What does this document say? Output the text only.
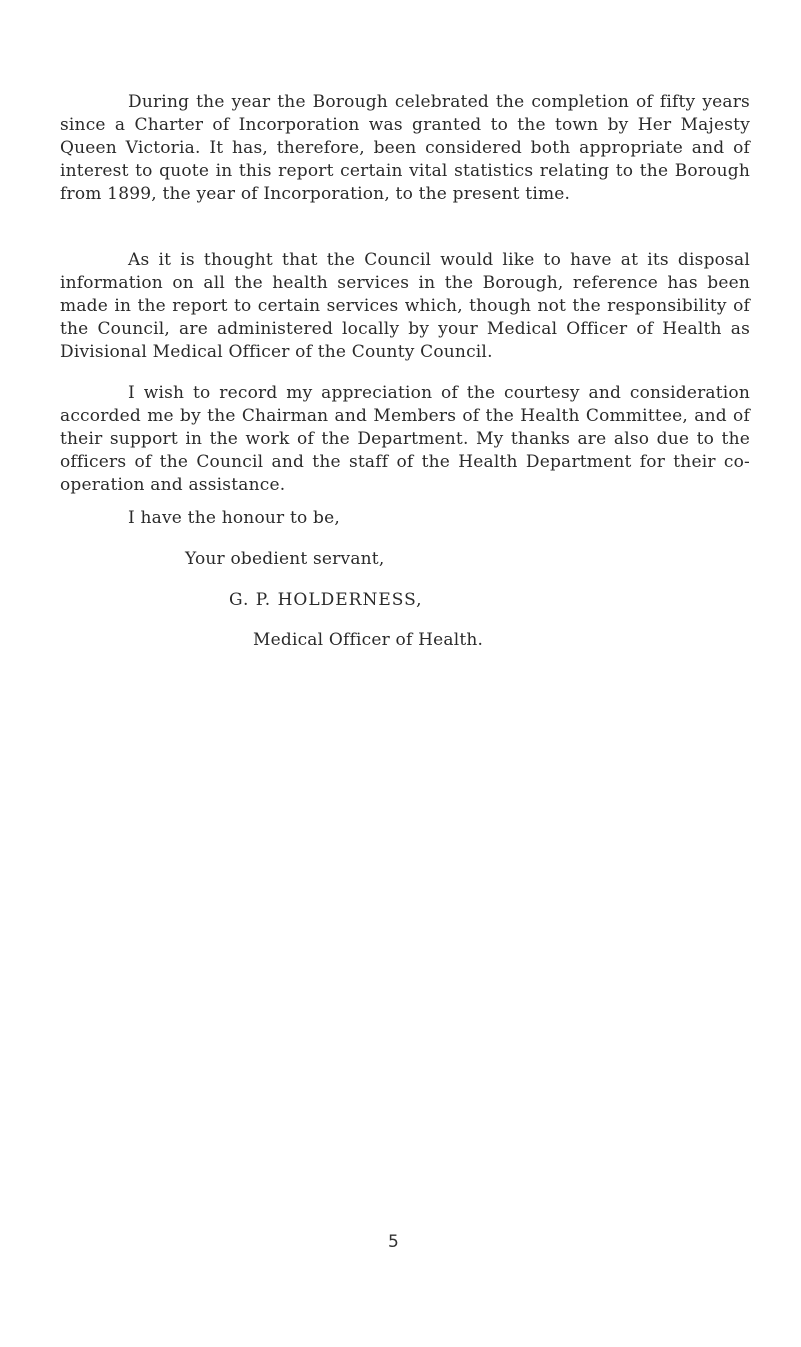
During the year the Borough celebrated the completion of fifty years since a Charter of Incorporation was granted to the town by Her Majesty Queen Victoria. It has, therefore, been considered both appropriate and of interest to quote in this report certain vital statistics relating to the Borough from 1899, the year of Incorporation, to the present time.

As it is thought that the Council would like to have at its disposal information on all the health services in the Borough, reference has been made in the report to certain services which, though not the responsibility of the Council, are administered locally by your Medical Officer of Health as Divisional Medical Officer of the County Council.

I wish to record my appreciation of the courtesy and consideration accorded me by the Chairman and Members of the Health Committee, and of their support in the work of the Department. My thanks are also due to the officers of the Council and the staff of the Health Department for their co-operation and assistance.

I have the honour to be,

Your obedient servant,

G. P. HOLDERNESS,

Medical Officer of Health.

5
